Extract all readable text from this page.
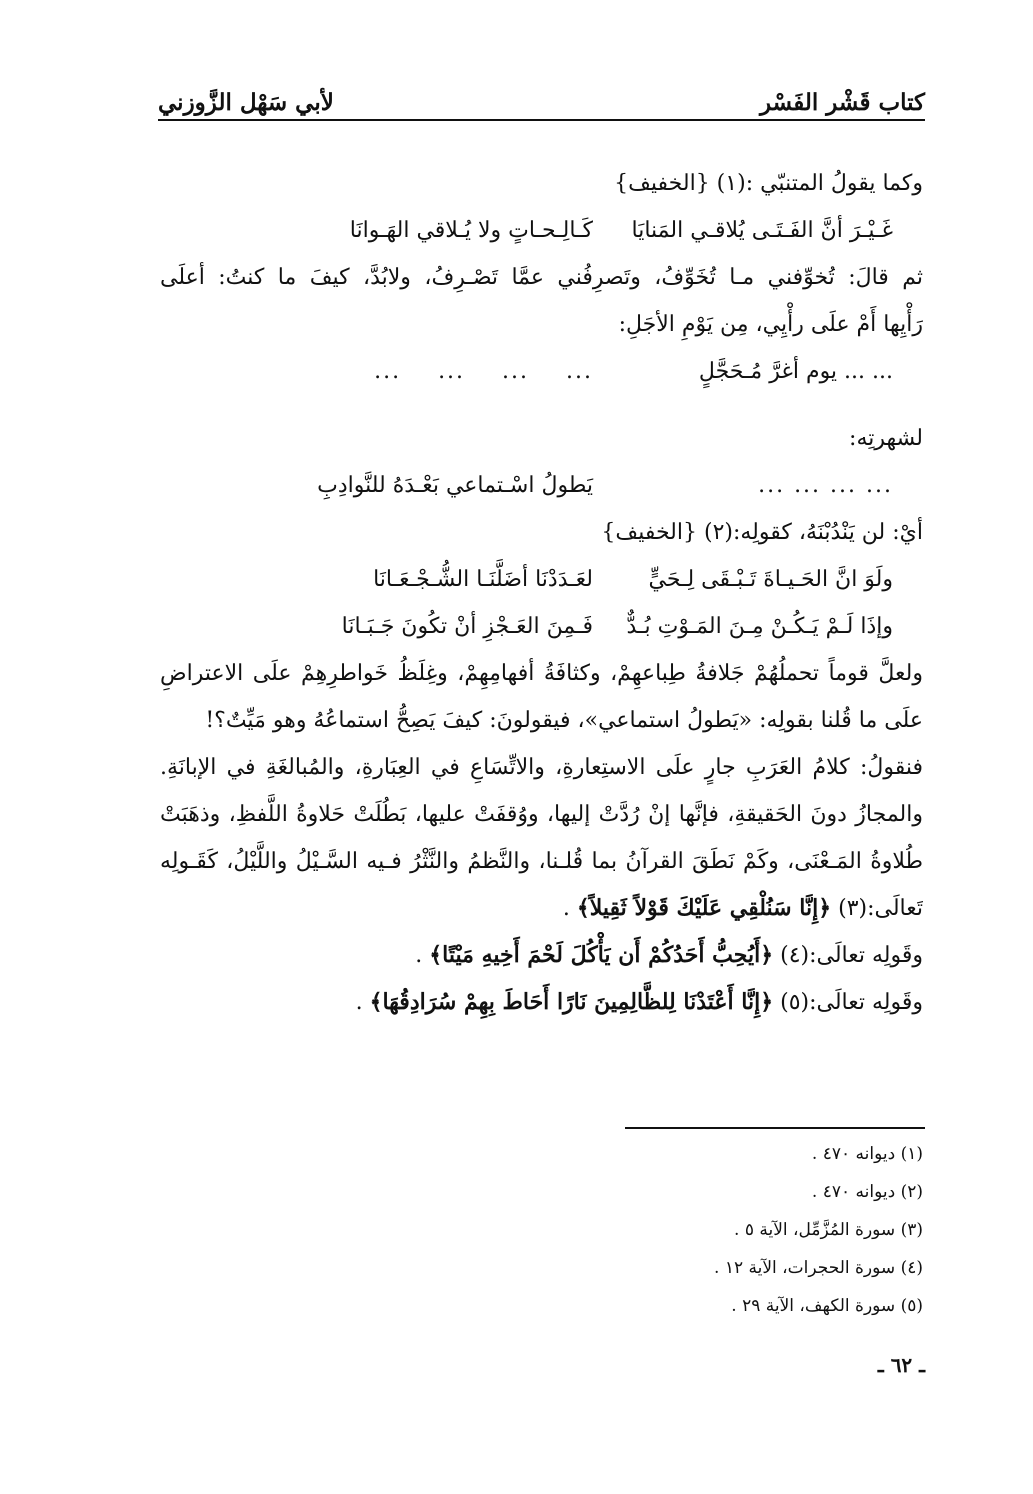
كتاب قَشْر الفَسْر
لأبي سَهْل الزَّوزني
وكما يقولُ المتنبّي :(١) {الخفيف}
غَـيْـرَ أنَّ الفَـتَـى يُلاقـي المَنايَا
كَـالِـحـاتٍ ولا يُـلاقي الهَـوانَا
ثم قالَ: تُخوِّفني مـا تُخَوِّفُ، وتَصرِفُني عمَّا تَصْـرِفُ، ولابُدَّ، كيفَ ما كنتُ: أعلَى
رَأْيِها أَمْ علَى رأْيِي، مِن يَوْمِ الأجَلِ:
... ... يوم أغرَّ مُـحَجَّلٍ
... ... ... ...
لشهرتِه:
... ... ... ...
يَطولُ اسْـتماعي بَعْـدَهُ للنَّوادِبِ
أيْ: لن يَنْدُبْنَهُ، كقولِه:(٢) {الخفيف}
ولَوَ انَّ الحَـيـاةَ تَـبْـقَى لِـحَيٍّ
لعَـدَدْنَا أضَلَّنَـا الشُّـجْـعَـانَا
وإذَا لَـمْ يَـكُـنْ مِـنَ المَـوْتِ بُـدٌّ
فَـمِنَ العَـجْزِ أنْ تكُونَ جَـبَـانَا
ولعلَّ قوماً تحملُهُمْ جَلافةُ طِباعهِمْ، وكثافَةُ أفهامِهِمْ، وغِلَظُ خَواطرِهِمْ علَى الاعتراضِ
علَى ما قُلنا بقولِه: «يَطولُ استماعي»، فيقولونَ: كيفَ يَصِحُّ استماعُهُ وهو مَيِّتٌ؟!
فنقولُ: كلامُ العَرَبِ جارٍ علَى الاستِعارةِ، والاتِّسَاعِ في العِبَارةِ، والمُبالغَةِ في الإبانَةِ.
والمجازُ دونَ الحَقيقةِ، فإنَّها إنْ رُدَّتْ إليها، ووُقفَتْ عليها، بَطُلَتْ حَلاوةُ اللَّفظِ، وذهَبَتْ
طُلاوةُ المَـعْنَى، وكَمْ نَطَقَ القرآنُ بما قُلـنا، والنَّظمُ والنَّثْرُ فـيه السَّـيْلُ واللَّيْلُ، كَقَـولِه
تَعالَى:(٣) ﴿إِنَّا سَنُلْقِي عَلَيْكَ قَوْلاً ثَقِيلاً﴾ .
وقَولِه تعالَى:(٤) ﴿أَيُحِبُّ أَحَدُكُمْ أَن يَأْكُلَ لَحْمَ أَخِيهِ مَيْتًا﴾ .
وقَولِه تعالَى:(٥) ﴿إِنَّا أَعْتَدْنَا لِلظَّالِمِينَ نَارًا أَحَاطَ بِهِمْ سُرَادِقُهَا﴾ .
(١) ديوانه ٤٧٠ .
(٢) ديوانه ٤٧٠ .
(٣) سورة المُزَّمِّل، الآية ٥ .
(٤) سورة الحجرات، الآية ١٢ .
(٥) سورة الكهف، الآية ٢٩ .
ـ ٦٢ ـ
